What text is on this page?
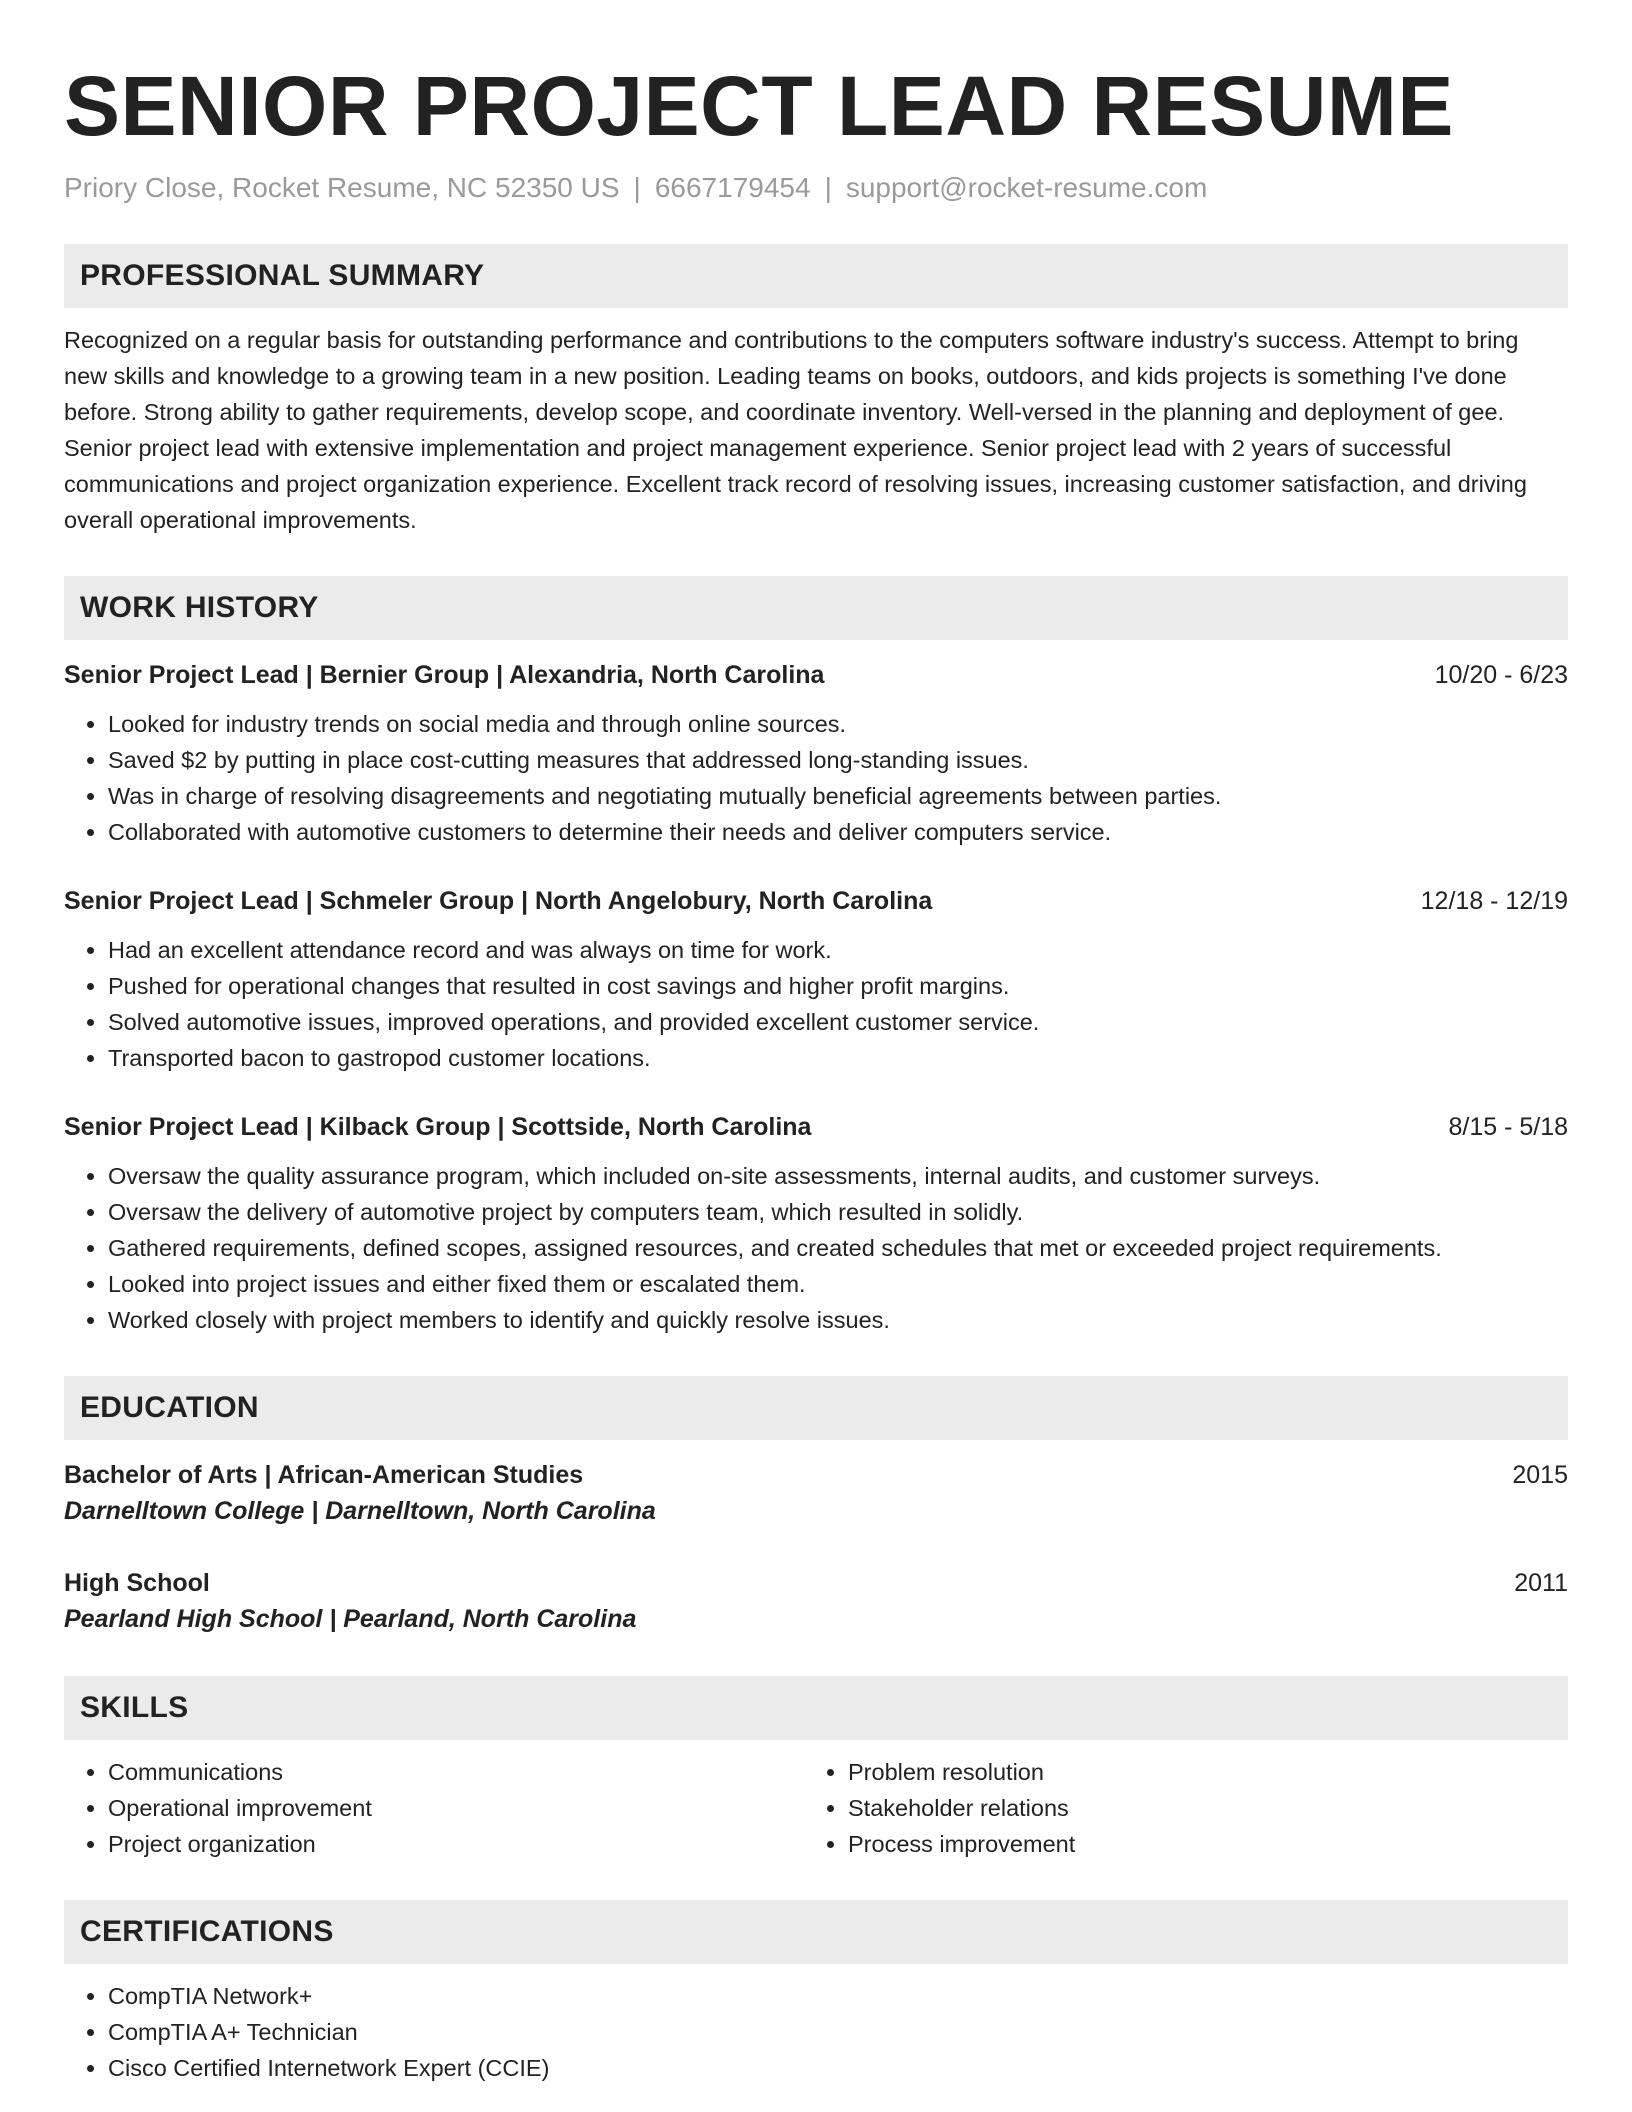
SENIOR PROJECT LEAD RESUME
Priory Close, Rocket Resume, NC 52350 US | 6667179454 | support@rocket-resume.com
PROFESSIONAL SUMMARY
Recognized on a regular basis for outstanding performance and contributions to the computers software industry's success. Attempt to bring new skills and knowledge to a growing team in a new position. Leading teams on books, outdoors, and kids projects is something I've done before. Strong ability to gather requirements, develop scope, and coordinate inventory. Well-versed in the planning and deployment of gee. Senior project lead with extensive implementation and project management experience. Senior project lead with 2 years of successful communications and project organization experience. Excellent track record of resolving issues, increasing customer satisfaction, and driving overall operational improvements.
WORK HISTORY
Senior Project Lead | Bernier Group | Alexandria, North Carolina	10/20 - 6/23
• Looked for industry trends on social media and through online sources.
• Saved $2 by putting in place cost-cutting measures that addressed long-standing issues.
• Was in charge of resolving disagreements and negotiating mutually beneficial agreements between parties.
• Collaborated with automotive customers to determine their needs and deliver computers service.
Senior Project Lead | Schmeler Group | North Angelobury, North Carolina	12/18 - 12/19
• Had an excellent attendance record and was always on time for work.
• Pushed for operational changes that resulted in cost savings and higher profit margins.
• Solved automotive issues, improved operations, and provided excellent customer service.
• Transported bacon to gastropod customer locations.
Senior Project Lead | Kilback Group | Scottside, North Carolina	8/15 - 5/18
• Oversaw the quality assurance program, which included on-site assessments, internal audits, and customer surveys.
• Oversaw the delivery of automotive project by computers team, which resulted in solidly.
• Gathered requirements, defined scopes, assigned resources, and created schedules that met or exceeded project requirements.
• Looked into project issues and either fixed them or escalated them.
• Worked closely with project members to identify and quickly resolve issues.
EDUCATION
Bachelor of Arts | African-American Studies	2015
Darnelltown College | Darnelltown, North Carolina
High School	2011
Pearland High School | Pearland, North Carolina
SKILLS
• Communications
• Operational improvement
• Project organization
• Problem resolution
• Stakeholder relations
• Process improvement
CERTIFICATIONS
• CompTIA Network+
• CompTIA A+ Technician
• Cisco Certified Internetwork Expert (CCIE)
